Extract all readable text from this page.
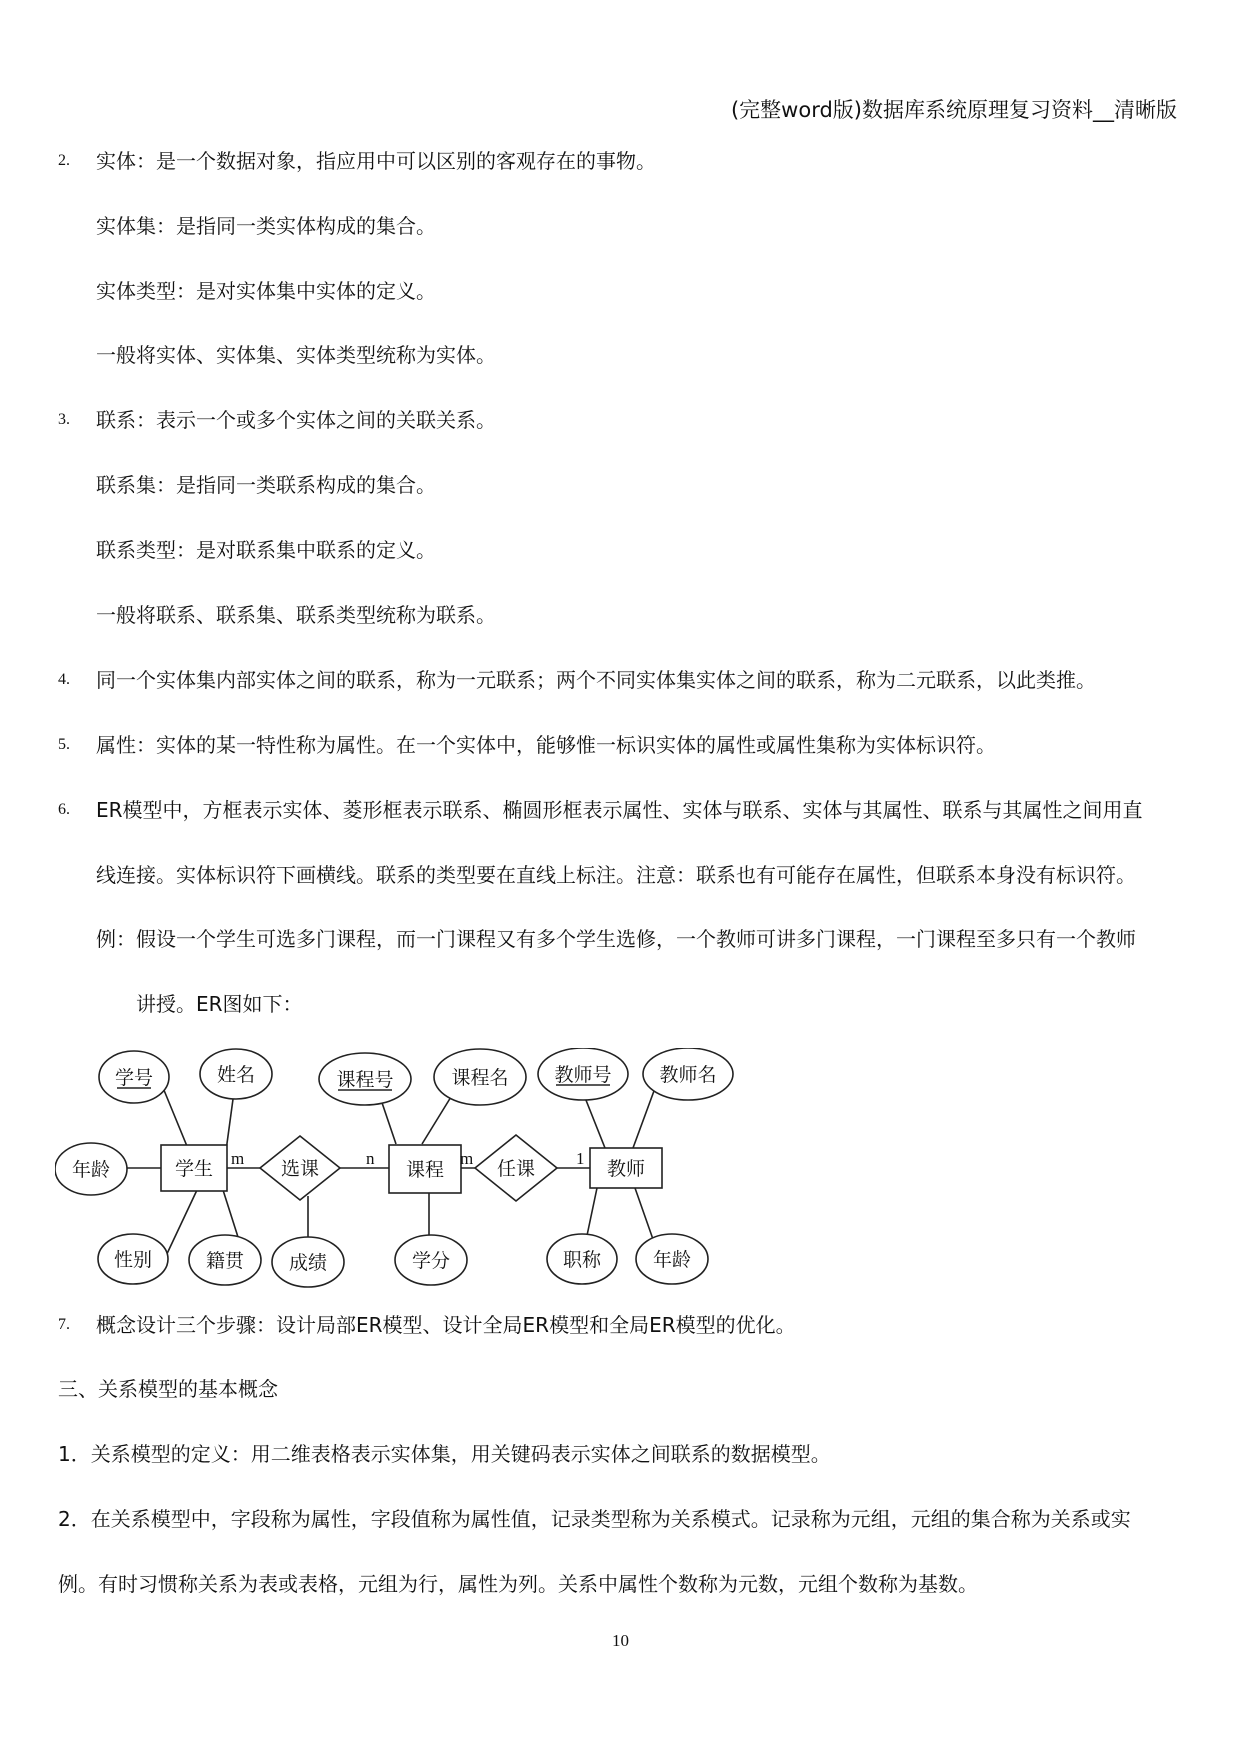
(完整word版)数据库系统原理复习资料__清晰版
2. 实体：是一个数据对象，指应用中可以区别的客观存在的事物。
实体集：是指同一类实体构成的集合。
实体类型：是对实体集中实体的定义。
一般将实体、实体集、实体类型统称为实体。
3. 联系：表示一个或多个实体之间的关联关系。
联系集：是指同一类联系构成的集合。
联系类型：是对联系集中联系的定义。
一般将联系、联系集、联系类型统称为联系。
4. 同一个实体集内部实体之间的联系，称为一元联系；两个不同实体集实体之间的联系，称为二元联系，以此类推。
5. 属性：实体的某一特性称为属性。在一个实体中，能够惟一标识实体的属性或属性集称为实体标识符。
6. ER模型中，方框表示实体、菱形框表示联系、椭圆形框表示属性、实体与联系、实体与其属性、联系与其属性之间用直
线连接。实体标识符下画横线。联系的类型要在直线上标注。注意：联系也有可能存在属性，但联系本身没有标识符。
例：假设一个学生可选多门课程，而一门课程又有多个学生选修，一个教师可讲多门课程，一门课程至多只有一个教师
讲授。ER图如下：
学号	姓名
年龄
性别	籍贯 成绩
课程号	课程名
学分
教师号	教师名
职称	年龄
学生	课程	教师
选课	任课
m	n	m	1
7. 概念设计三个步骤：设计局部ER模型、设计全局ER模型和全局ER模型的优化。
三、关系模型的基本概念
1．关系模型的定义：用二维表格表示实体集，用关键码表示实体之间联系的数据模型。
2．在关系模型中，字段称为属性，字段值称为属性值，记录类型称为关系模式。记录称为元组，元组的集合称为关系或实
例。有时习惯称关系为表或表格，元组为行，属性为列。关系中属性个数称为元数，元组个数称为基数。
10
